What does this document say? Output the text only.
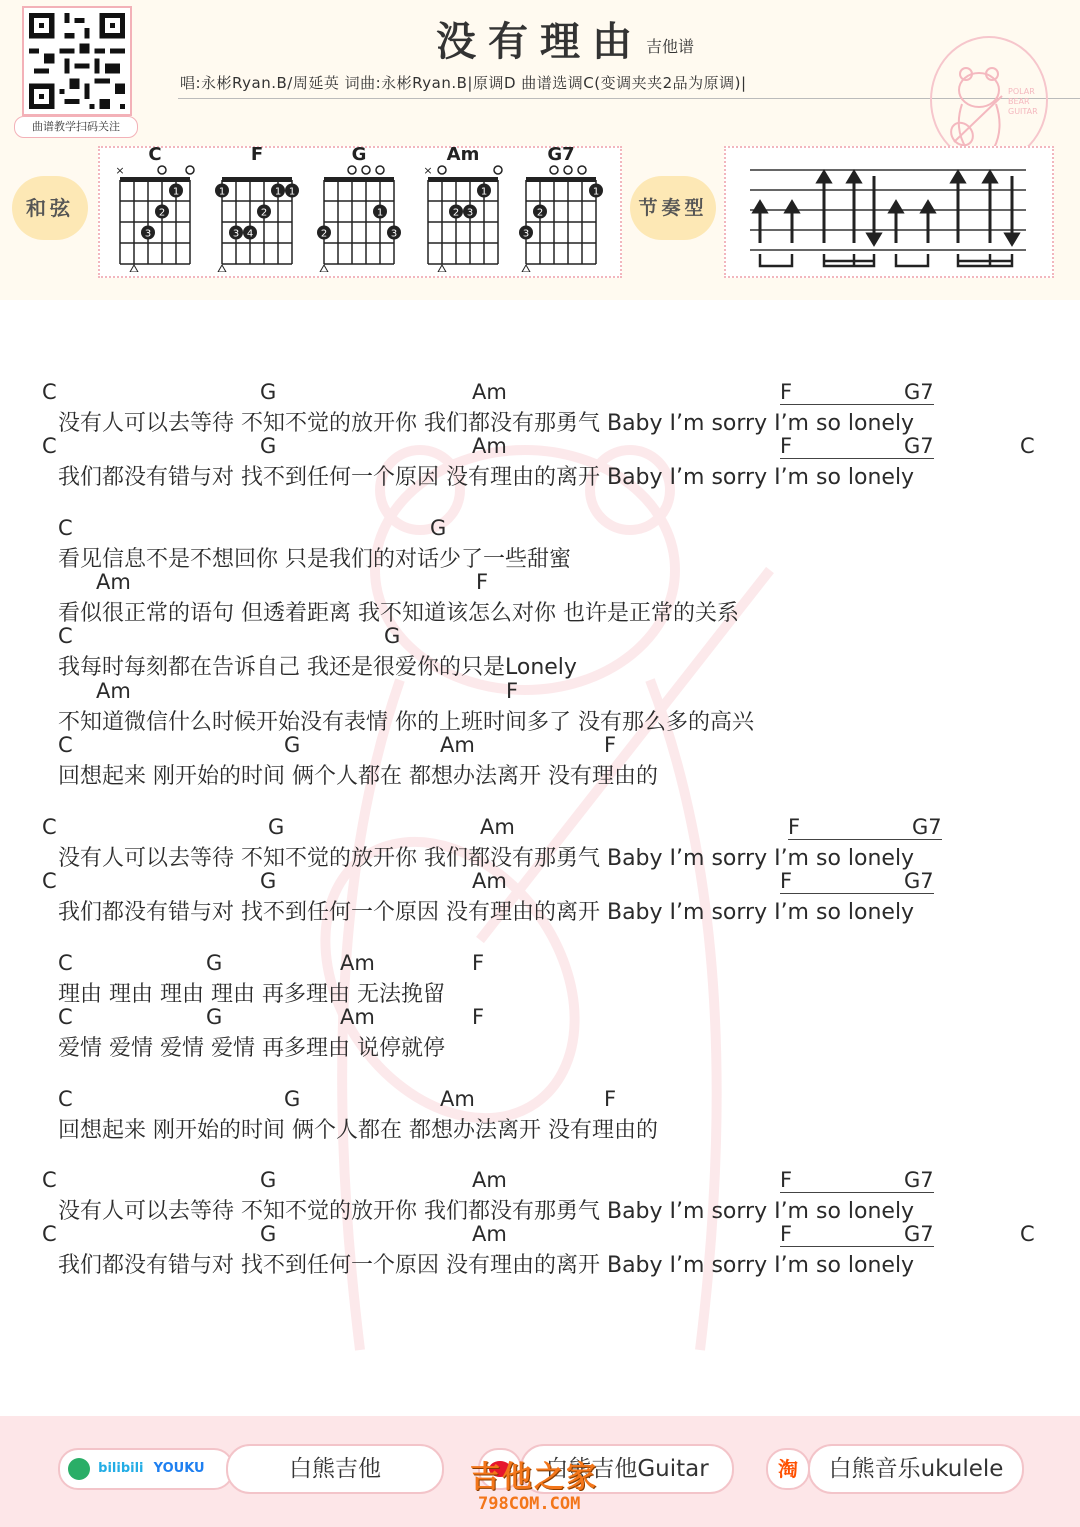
曲谱教学扫码关注
没有理由 吉他谱
唱:永彬Ryan.B/周延英 词曲:永彬Ryan.B|原调D 曲谱选调C(变调夹夹2品为原调)|	POLAR
BEAR
GUITAR
和弦
C
1
2
3
×
F
1	1 1
2
3 4
G
1
2	3
Am
1
2 3
×
G7
1
2
3
节奏型
C	G	Am	F	G7
没有人可以去等待 不知不觉的放开你 我们都没有那勇气 Baby I’m sorry I’m so lonely
C	G	Am	F	G7	C
我们都没有错与对 找不到任何一个原因 没有理由的离开 Baby I’m sorry I’m so lonely
C	G
看见信息不是不想回你 只是我们的对话少了一些甜蜜
Am	F
看似很正常的语句 但透着距离 我不知道该怎么对你 也许是正常的关系
C	G
我每时每刻都在告诉自己 我还是很爱你的只是Lonely
Am	F
不知道微信什么时候开始没有表情 你的上班时间多了 没有那么多的高兴
C	G	Am	F
回想起来 刚开始的时间 俩个人都在 都想办法离开 没有理由的
C	G	Am	F	G7
没有人可以去等待 不知不觉的放开你 我们都没有那勇气 Baby I’m sorry I’m so lonely
C	G	Am	F	G7
我们都没有错与对 找不到任何一个原因 没有理由的离开 Baby I’m sorry I’m so lonely
C	G	Am	F
理由 理由 理由 理由 再多理由 无法挽留
C	G	Am	F
爱情 爱情 爱情 爱情 再多理由 说停就停
C	G	Am	F
回想起来 刚开始的时间 俩个人都在 都想办法离开 没有理由的
C	G	Am	F	G7
没有人可以去等待 不知不觉的放开你 我们都没有那勇气 Baby I’m sorry I’m so lonely
C	G	Am	F	G7	C
我们都没有错与对 找不到任何一个原因 没有理由的离开 Baby I’m sorry I’m so lonely
bilibili YOUKU	白熊吉他	白熊吉他Guitar	淘	白熊音乐ukulele
吉他之家
798COM.COM
